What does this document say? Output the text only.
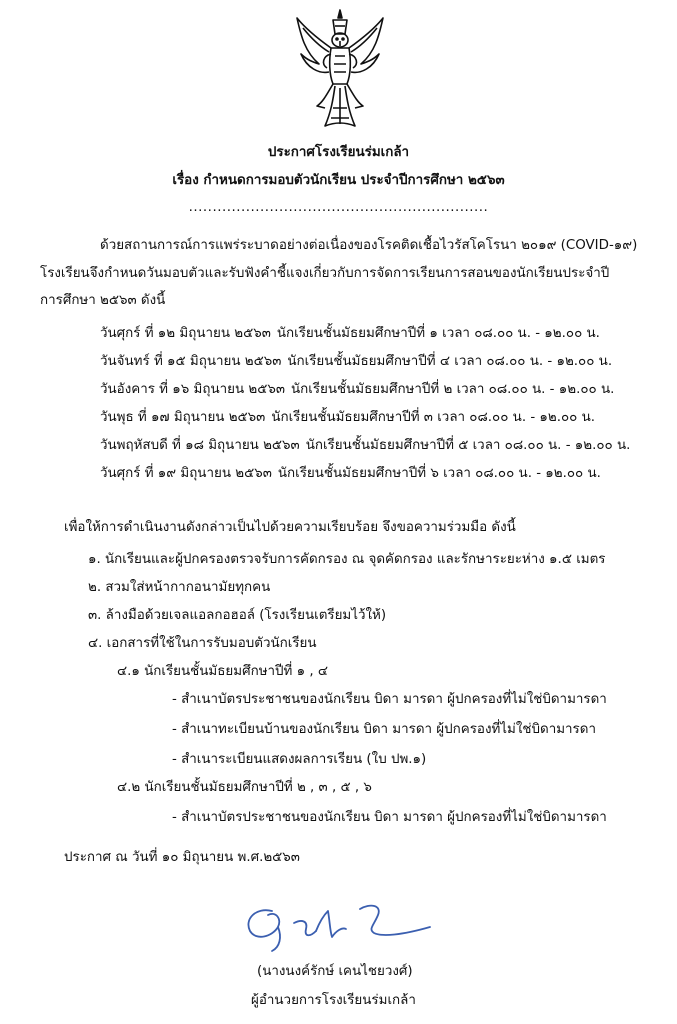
ประกาศโรงเรียนร่มเกล้า
เรื่อง กำหนดการมอบตัวนักเรียน ประจำปีการศึกษา ๒๕๖๓
...............................................................
ด้วยสถานการณ์การแพร่ระบาดอย่างต่อเนื่องของโรคติดเชื้อไวรัสโคโรนา ๒๐๑๙ (COVID-๑๙)
โรงเรียนจึงกำหนดวันมอบตัวและรับฟังคำชี้แจงเกี่ยวกับการจัดการเรียนการสอนของนักเรียนประจำปี
การศึกษา ๒๕๖๓ ดังนี้
วันศุกร์ ที่ ๑๒ มิถุนายน ๒๕๖๓ นักเรียนชั้นมัธยมศึกษาปีที่ ๑ เวลา ๐๘.๐๐ น. - ๑๒.๐๐ น.
วันจันทร์ ที่ ๑๕ มิถุนายน ๒๕๖๓ นักเรียนชั้นมัธยมศึกษาปีที่ ๔ เวลา ๐๘.๐๐ น. - ๑๒.๐๐ น.
วันอังคาร ที่ ๑๖ มิถุนายน ๒๕๖๓ นักเรียนชั้นมัธยมศึกษาปีที่ ๒ เวลา ๐๘.๐๐ น. - ๑๒.๐๐ น.
วันพุธ ที่ ๑๗ มิถุนายน ๒๕๖๓ นักเรียนชั้นมัธยมศึกษาปีที่ ๓ เวลา ๐๘.๐๐ น. - ๑๒.๐๐ น.
วันพฤหัสบดี ที่ ๑๘ มิถุนายน ๒๕๖๓ นักเรียนชั้นมัธยมศึกษาปีที่ ๕ เวลา ๐๘.๐๐ น. - ๑๒.๐๐ น.
วันศุกร์ ที่ ๑๙ มิถุนายน ๒๕๖๓ นักเรียนชั้นมัธยมศึกษาปีที่ ๖ เวลา ๐๘.๐๐ น. - ๑๒.๐๐ น.
เพื่อให้การดำเนินงานดังกล่าวเป็นไปด้วยความเรียบร้อย จึงขอความร่วมมือ ดังนี้
๑. นักเรียนและผู้ปกครองตรวจรับการคัดกรอง ณ จุดคัดกรอง และรักษาระยะห่าง ๑.๕ เมตร
๒. สวมใส่หน้ากากอนามัยทุกคน
๓. ล้างมือด้วยเจลแอลกอฮอล์ (โรงเรียนเตรียมไว้ให้)
๔. เอกสารที่ใช้ในการรับมอบตัวนักเรียน
๔.๑ นักเรียนชั้นมัธยมศึกษาปีที่ ๑ , ๔
- สำเนาบัตรประชาชนของนักเรียน บิดา มารดา ผู้ปกครองที่ไม่ใช่บิดามารดา
- สำเนาทะเบียนบ้านของนักเรียน บิดา มารดา ผู้ปกครองที่ไม่ใช่บิดามารดา
- สำเนาระเบียนแสดงผลการเรียน (ใบ ปพ.๑)
๔.๒ นักเรียนชั้นมัธยมศึกษาปีที่ ๒ , ๓ , ๕ , ๖
- สำเนาบัตรประชาชนของนักเรียน บิดา มารดา ผู้ปกครองที่ไม่ใช่บิดามารดา
ประกาศ ณ วันที่ ๑๐ มิถุนายน พ.ศ.๒๕๖๓
(นางนงค์รักษ์ เคนไชยวงศ์)
ผู้อำนวยการโรงเรียนร่มเกล้า
